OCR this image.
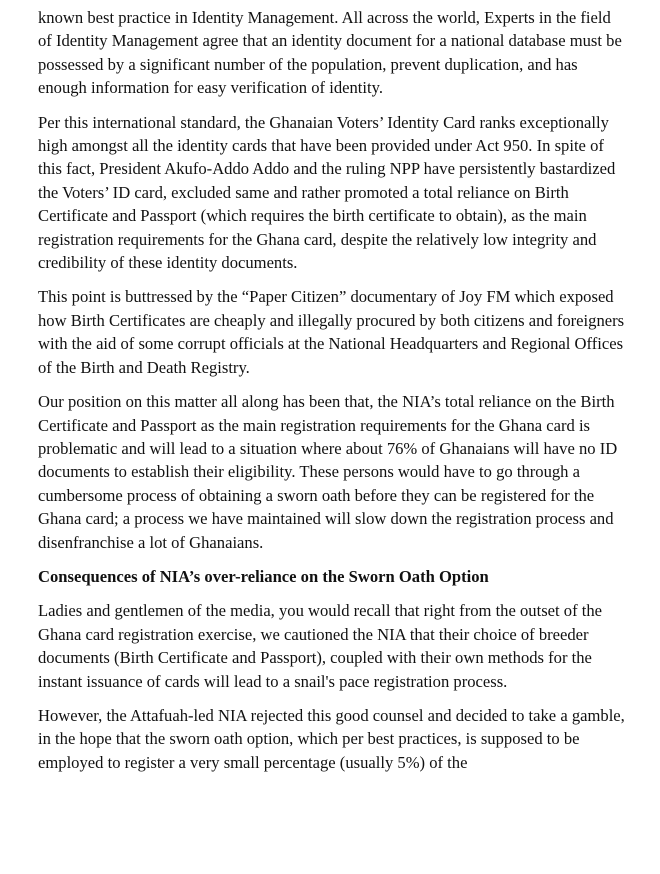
known best practice in Identity Management. All across the world, Experts in the field of Identity Management agree that an identity document for a national database must be possessed by a significant number of the population, prevent duplication, and has enough information for easy verification of identity.

Per this international standard, the Ghanaian Voters’ Identity Card ranks exceptionally high amongst all the identity cards that have been provided under Act 950. In spite of this fact, President Akufo-Addo Addo and the ruling NPP have persistently bastardized the Voters’ ID card, excluded same and rather promoted a total reliance on Birth Certificate and Passport (which requires the birth certificate to obtain), as the main registration requirements for the Ghana card, despite the relatively low integrity and credibility of these identity documents.

This point is buttressed by the “Paper Citizen” documentary of Joy FM which exposed how Birth Certificates are cheaply and illegally procured by both citizens and foreigners with the aid of some corrupt officials at the National Headquarters and Regional Offices of the Birth and Death Registry.

Our position on this matter all along has been that, the NIA’s total reliance on the Birth Certificate and Passport as the main registration requirements for the Ghana card is problematic and will lead to a situation where about 76% of Ghanaians will have no ID documents to establish their eligibility. These persons would have to go through a cumbersome process of obtaining a sworn oath before they can be registered for the Ghana card; a process we have maintained will slow down the registration process and disenfranchise a lot of Ghanaians.

Consequences of NIA’s over-reliance on the Sworn Oath Option

Ladies and gentlemen of the media, you would recall that right from the outset of the Ghana card registration exercise, we cautioned the NIA that their choice of breeder documents (Birth Certificate and Passport), coupled with their own methods for the instant issuance of cards will lead to a snail's pace registration process.

However, the Attafuah-led NIA rejected this good counsel and decided to take a gamble, in the hope that the sworn oath option, which per best practices, is supposed to be employed to register a very small percentage (usually 5%) of the
